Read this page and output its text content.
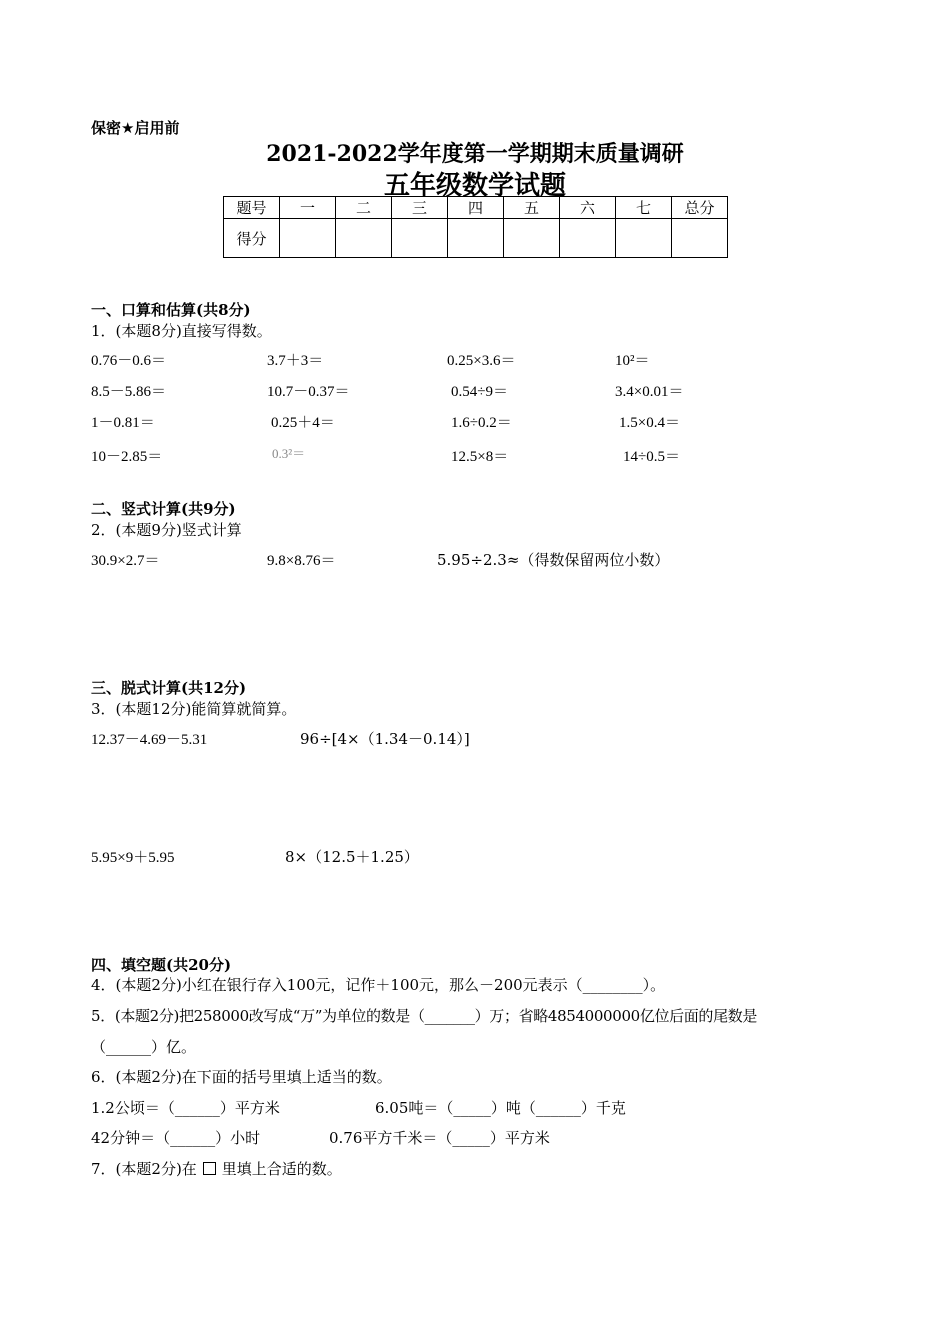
保密★启用前
2021-2022学年度第一学期期末质量调研
五年级数学试题
题号	一	二	三	四	五	六	七	总分
得分								
一、口算和估算(共8分)
1．(本题8分)直接写得数。
0.76－0.6＝	3.7＋3＝	0.25×3.6＝	10²＝
8.5－5.86＝	10.7－0.37＝	0.54÷9＝	3.4×0.01＝
1－0.81＝	0.25＋4＝	1.6÷0.2＝	1.5×0.4＝
10－2.85＝	0.3²＝	12.5×8＝	14÷0.5＝
二、竖式计算(共9分)
2．(本题9分)竖式计算
30.9×2.7＝	9.8×8.76＝	5.95÷2.3≈（得数保留两位小数）
三、脱式计算(共12分)
3．(本题12分)能简算就简算。
12.37－4.69－5.31	96÷[4×（1.34－0.14）]
5.95×9＋5.95	8×（12.5＋1.25）
四、填空题(共20分)
4．(本题2分)小红在银行存入100元，记作＋100元，那么－200元表示（________）。
5．(本题2分)把258000改写成“万”为单位的数是（_______）万；省略4854000000亿位后面的尾数是
（______）亿。
6．(本题2分)在下面的括号里填上适当的数。
1.2公顷＝（______）平方米	6.05吨＝（_____）吨（______）千克
42分钟＝（______）小时	0.76平方千米＝（_____）平方米
7．(本题2分)在 里填上合适的数。
